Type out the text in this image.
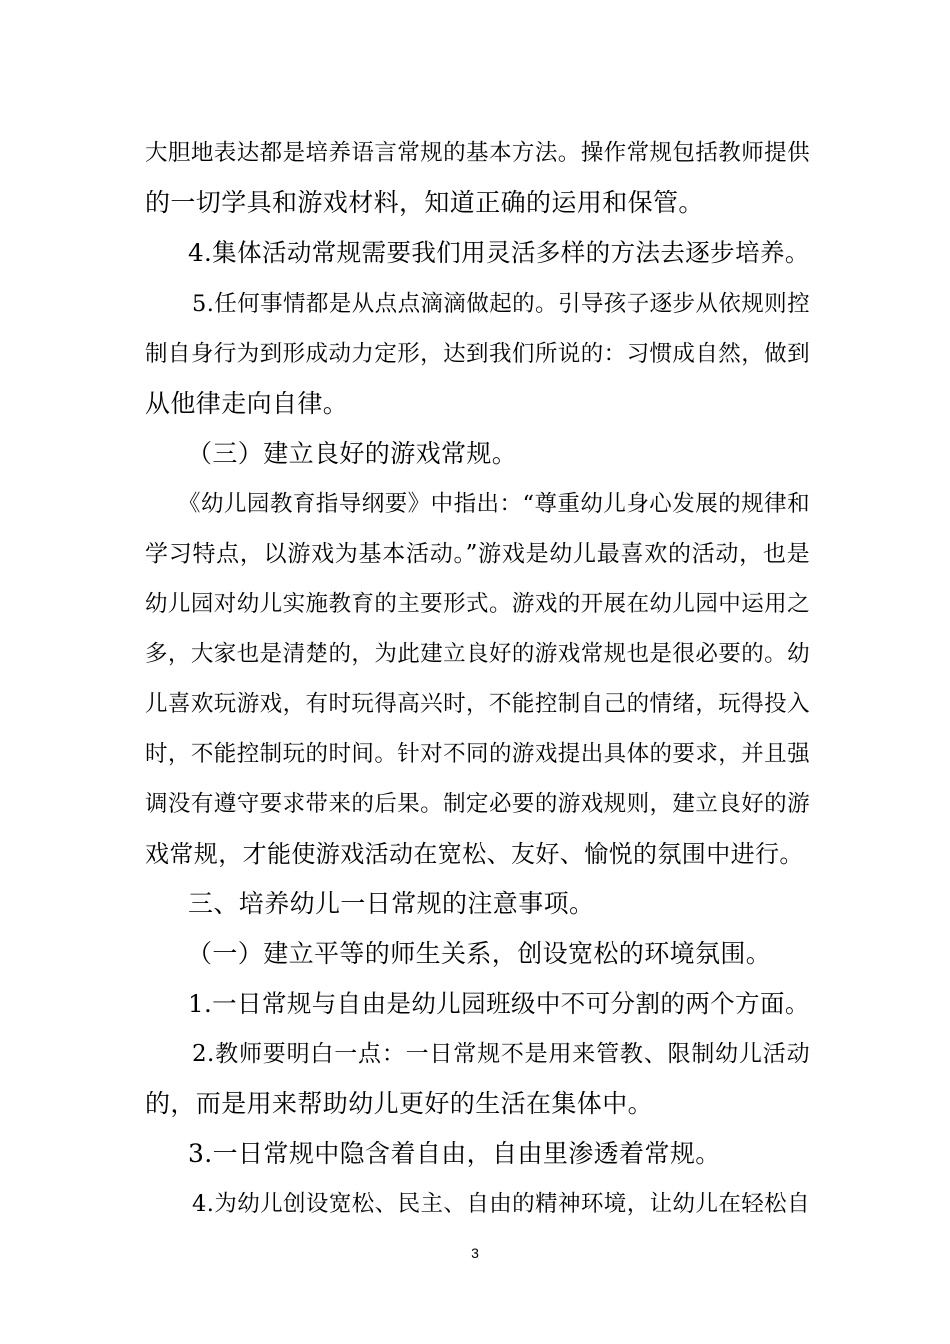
大胆地表达都是培养语言常规的基本方法。操作常规包括教师提供
的一切学具和游戏材料，知道正确的运用和保管。
4.集体活动常规需要我们用灵活多样的方法去逐步培养。
5.任何事情都是从点点滴滴做起的。引导孩子逐步从依规则控
制自身行为到形成动力定形，达到我们所说的：习惯成自然，做到
从他律走向自律。
（三）建立良好的游戏常规。
《幼儿园教育指导纲要》中指出：“尊重幼儿身心发展的规律和
学习特点，以游戏为基本活动。”游戏是幼儿最喜欢的活动，也是
幼儿园对幼儿实施教育的主要形式。游戏的开展在幼儿园中运用之
多，大家也是清楚的，为此建立良好的游戏常规也是很必要的。幼
儿喜欢玩游戏，有时玩得高兴时，不能控制自己的情绪，玩得投入
时，不能控制玩的时间。针对不同的游戏提出具体的要求，并且强
调没有遵守要求带来的后果。制定必要的游戏规则，建立良好的游
戏常规，才能使游戏活动在宽松、友好、愉悦的氛围中进行。
三、培养幼儿一日常规的注意事项。
（一）建立平等的师生关系，创设宽松的环境氛围。
1.一日常规与自由是幼儿园班级中不可分割的两个方面。
2.教师要明白一点：一日常规不是用来管教、限制幼儿活动
的，而是用来帮助幼儿更好的生活在集体中。
3.一日常规中隐含着自由，自由里渗透着常规。
4.为幼儿创设宽松、民主、自由的精神环境，让幼儿在轻松自
3
